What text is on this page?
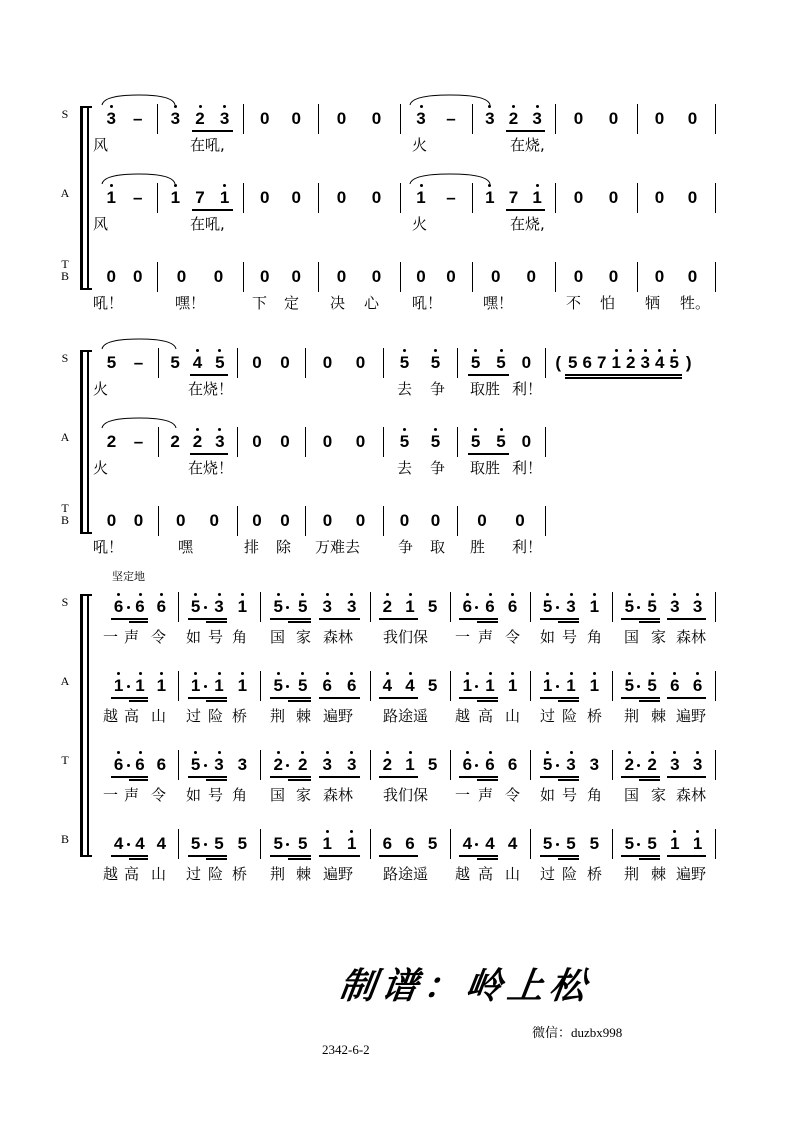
S 3 – 3 2 3 0 0 0 0 3 – 3 2 3 0 0 0 0
风	在吼,	火	在烧,
A 1 – 1 7 1 0 0 0 0 1 – 1 7 1 0 0 0 0
风	在吼,	火	在烧,
T
B 0 0 0 0 0 0 0 0 0 0 0 0 0 0 0 0
吼！	嘿！	下 定 决 心 吼！	嘿！	不 怕 牺 牲。
S 5 – 5 4 5 0 0 0 0 5 5 5 5 0	( 5 6 7 1 2 3 4 5 )
火	在烧！	去 争 取胜 利！
A 2 – 2 2 3 0 0 0 0 5 5 5 5 0
火	在烧！	去 争 取胜 利！
T
B 0 0 0 0 0 0 0 0 0 0 0 0
吼！	嘿	排 除 万难去	争 取 胜 利！
坚定地
S	6 6 6 5 3 1 5 5 3 3 2 1 5 6 6 6 5 3 1 5 5 3 3
一 声 令 如 号 角 国 家 森林 我们保 一 声 令 如 号 角 国 家 森林
A	1 1 1 1 1 1 5 5 6 6 4 4 5 1 1 1 1 1 1 5 5 6 6
越 高 山 过 险 桥 荆 棘 遍野 路途遥 越 高 山 过 险 桥 荆 棘 遍野
T	6 6 6 5 3 3 2 2 3 3 2 1 5 6 6 6 5 3 3 2 2 3 3
一 声 令 如 号 角 国 家 森林 我们保 一 声 令 如 号 角 国 家 森林
B	4 4 4 5 5 5 5 5 1 1 6 6 5 4 4 4 5 5 5 5 5 1 1
越 高 山 过 险 桥 荆 棘 遍野 路途遥 越 高 山 过 险 桥 荆 棘 遍野
制谱：岭上松
微信：duzbx998
2342-6-2
